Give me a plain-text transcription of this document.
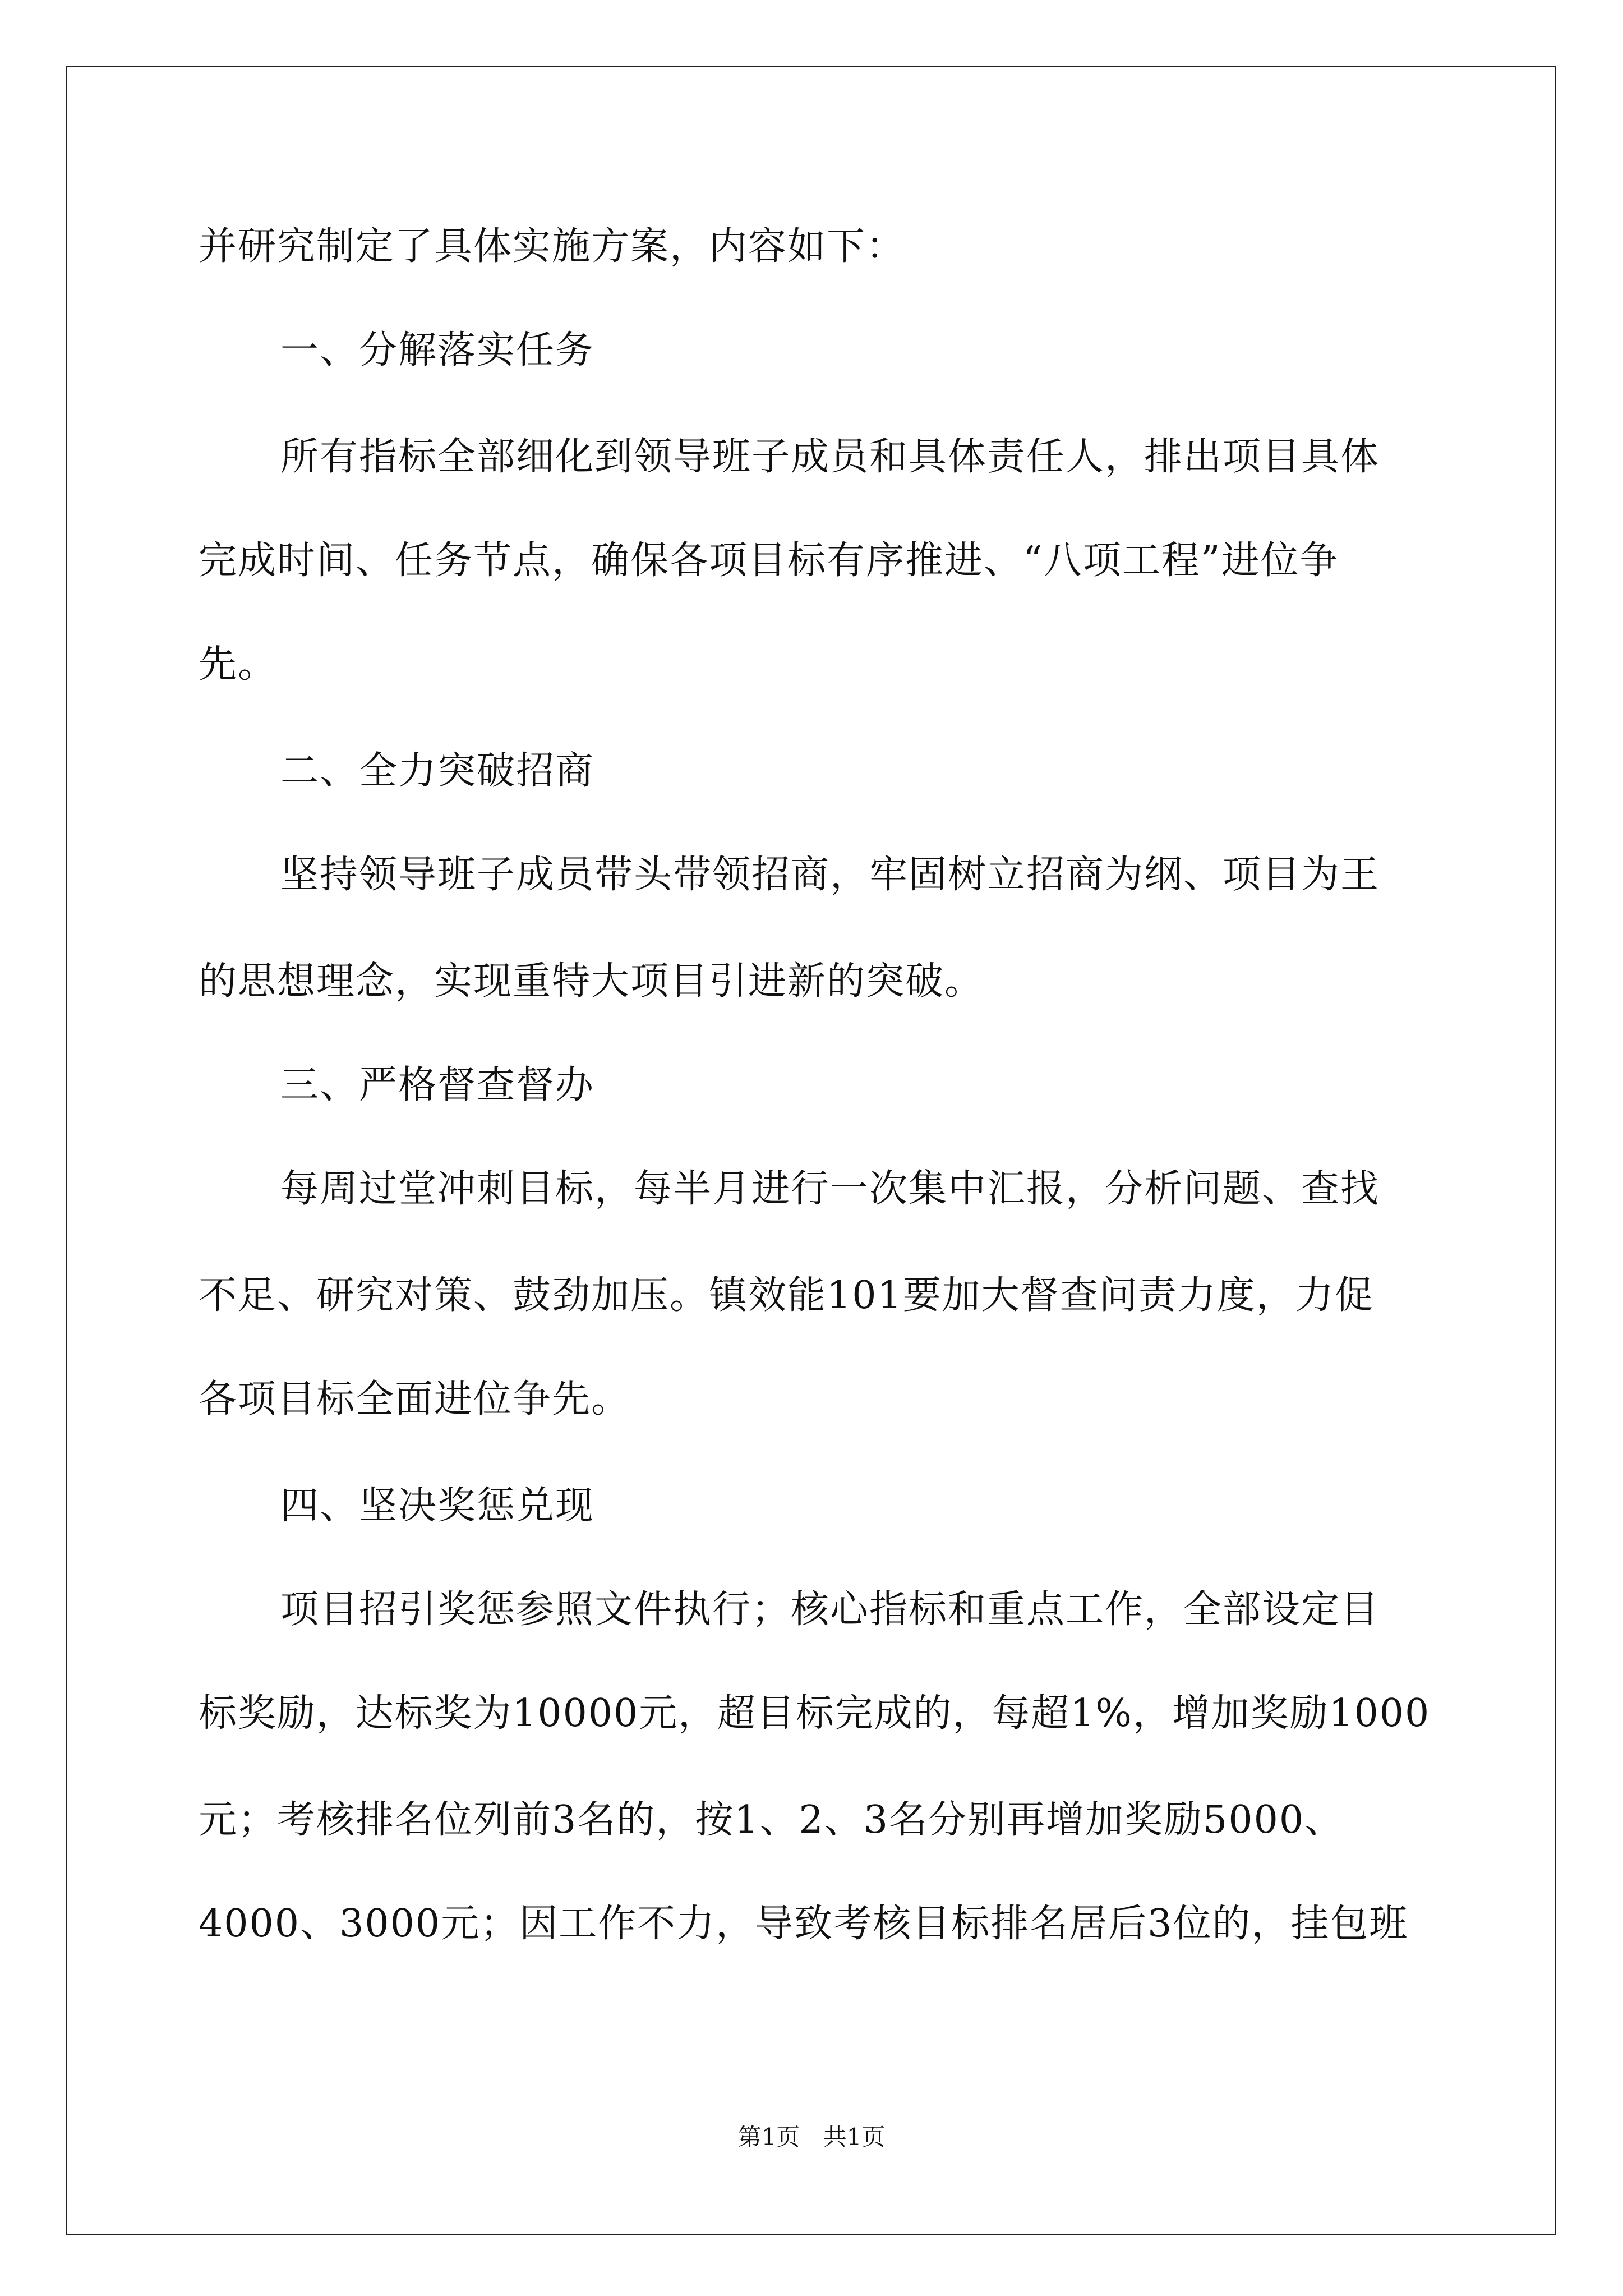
并研究制定了具体实施方案，内容如下：
一、分解落实任务
所有指标全部细化到领导班子成员和具体责任人，排出项目具体
完成时间、任务节点，确保各项目标有序推进、“八项工程”进位争
先。
二、全力突破招商
坚持领导班子成员带头带领招商，牢固树立招商为纲、项目为王
的思想理念，实现重特大项目引进新的突破。
三、严格督查督办
每周过堂冲刺目标，每半月进行一次集中汇报，分析问题、查找
不足、研究对策、鼓劲加压。镇效能101要加大督查问责力度，力促
各项目标全面进位争先。
四、坚决奖惩兑现
项目招引奖惩参照文件执行；核心指标和重点工作，全部设定目
标奖励，达标奖为10000元，超目标完成的，每超1%，增加奖励1000
元；考核排名位列前3名的，按1、2、3名分别再增加奖励5000、
4000、3000元；因工作不力，导致考核目标排名居后3位的，挂包班
第1页 共1页
